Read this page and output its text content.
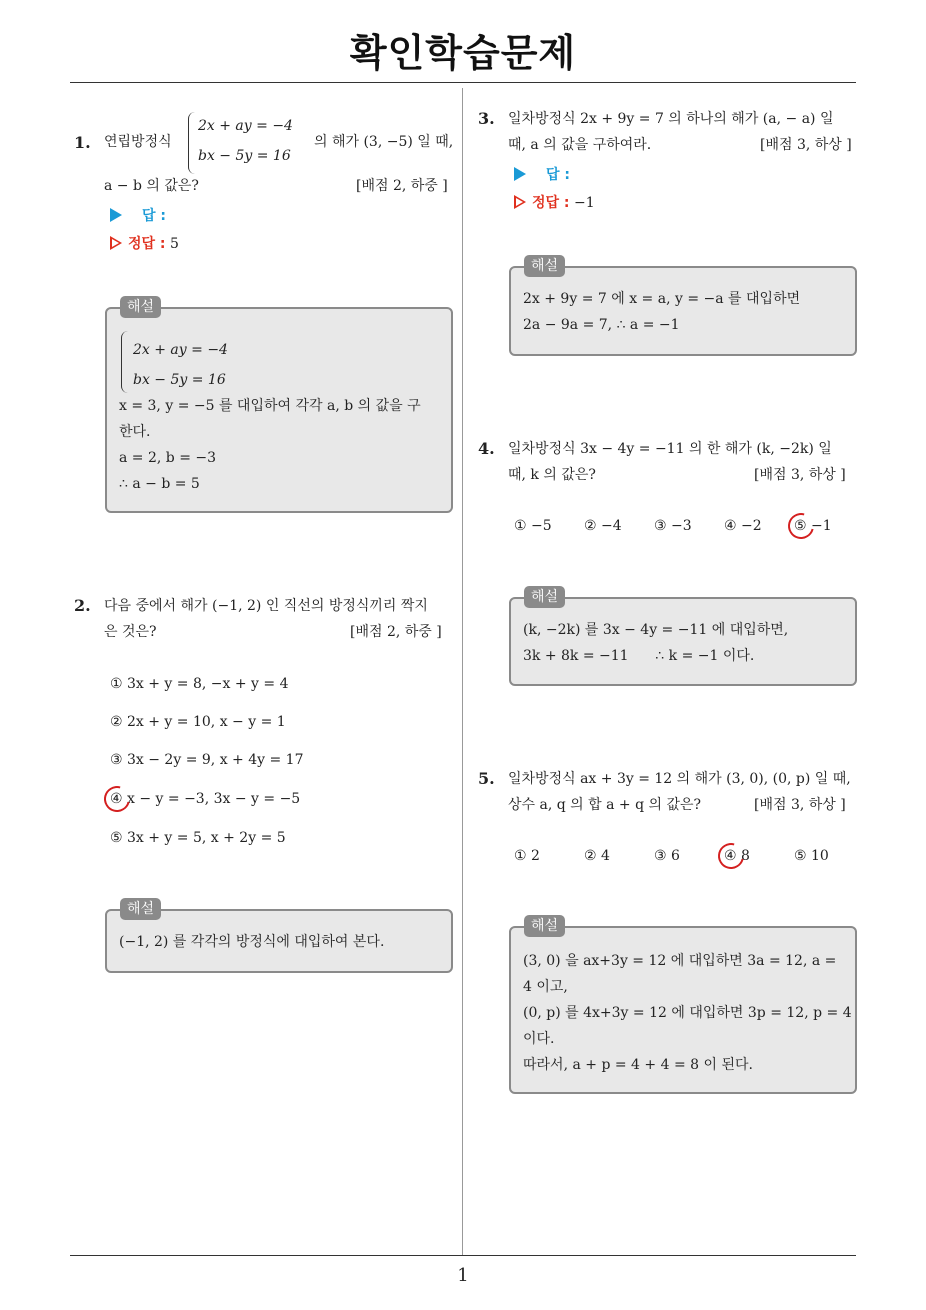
확인학습문제
1. 연립방정식
2x + ay = −4
bx − 5y = 16
의 해가 (3, −5) 일 때,
a − b 의 값은?	[배점 2, 하중 ]
답 :
정답 : 5
2x + ay = −4
bx − 5y = 16
x = 3, y = −5 를 대입하여 각각 a, b 의 값을 구
한다.
a = 2, b = −3
∴ a − b = 5
해설
2. 다음 중에서 해가 (−1, 2) 인 직선의 방정식끼리 짝지
은 것은?	[배점 2, 하중 ]
① 3x + y = 8, −x + y = 4
② 2x + y = 10, x − y = 1
③ 3x − 2y = 9, x + 4y = 17
④ x − y = −3, 3x − y = −5
⑤ 3x + y = 5, x + 2y = 5
(−1, 2) 를 각각의 방정식에 대입하여 본다.
해설
3. 일차방정식 2x + 9y = 7 의 하나의 해가 (a, − a) 일
때, a 의 값을 구하여라.	[배점 3, 하상 ]
답 :
정답 : −1
2x + 9y = 7 에 x = a, y = −a 를 대입하면
2a − 9a = 7, ∴ a = −1
해설
4. 일차방정식 3x − 4y = −11 의 한 해가 (k, −2k) 일
때, k 의 값은?	[배점 3, 하상 ]
① −5 ② −4 ③ −3 ④ −2 ⑤ −1
(k, −2k) 를 3x − 4y = −11 에 대입하면,
3k + 8k = −11      ∴ k = −1 이다.
해설
5. 일차방정식 ax + 3y = 12 의 해가 (3, 0), (0, p) 일 때,
상수 a, q 의 합 a + q 의 값은?	[배점 3, 하상 ]
① 2	② 4	③ 6	④ 8	⑤ 10
(3, 0) 을 ax+3y = 12 에 대입하면 3a = 12, a =
4 이고,
(0, p) 를 4x+3y = 12 에 대입하면 3p = 12, p = 4
이다.
따라서, a + p = 4 + 4 = 8 이 된다.
해설
1
